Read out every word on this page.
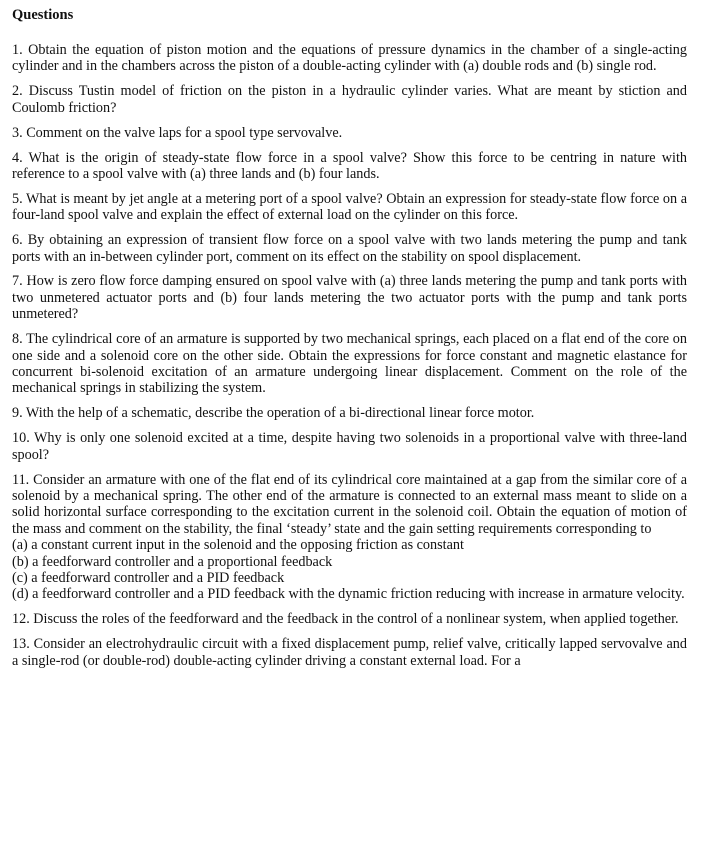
Questions
1. Obtain the equation of piston motion and the equations of pressure dynamics in the chamber of a single-acting cylinder and in the chambers across the piston of a double-acting cylinder with (a) double rods and (b) single rod.
2. Discuss Tustin model of friction on the piston in a hydraulic cylinder varies. What are meant by stiction and Coulomb friction?
3. Comment on the valve laps for a spool type servovalve.
4. What is the origin of steady-state flow force in a spool valve? Show this force to be centring in nature with reference to a spool valve with (a) three lands and (b) four lands.
5. What is meant by jet angle at a metering port of a spool valve? Obtain an expression for steady-state flow force on a four-land spool valve and explain the effect of external load on the cylinder on this force.
6. By obtaining an expression of transient flow force on a spool valve with two lands metering the pump and tank ports with an in-between cylinder port, comment on its effect on the stability on spool displacement.
7. How is zero flow force damping ensured on spool valve with (a) three lands metering the pump and tank ports with two unmetered actuator ports and (b) four lands metering the two actuator ports with the pump and tank ports unmetered?
8. The cylindrical core of an armature is supported by two mechanical springs, each placed on a flat end of the core on one side and a solenoid core on the other side. Obtain the expressions for force constant and magnetic elastance for concurrent bi-solenoid excitation of an armature undergoing linear displacement. Comment on the role of the mechanical springs in stabilizing the system.
9. With the help of a schematic, describe the operation of a bi-directional linear force motor.
10. Why is only one solenoid excited at a time, despite having two solenoids in a proportional valve with three-land spool?
11. Consider an armature with one of the flat end of its cylindrical core maintained at a gap from the similar core of a solenoid by a mechanical spring. The other end of the armature is connected to an external mass meant to slide on a solid horizontal surface corresponding to the excitation current in the solenoid coil. Obtain the equation of motion of the mass and comment on the stability, the final ‘steady’ state and the gain setting requirements corresponding to
(a) a constant current input in the solenoid and the opposing friction as constant
(b) a feedforward controller and a proportional feedback
(c) a feedforward controller and a PID feedback
(d) a feedforward controller and a PID feedback with the dynamic friction reducing with increase in armature velocity.
12. Discuss the roles of the feedforward and the feedback in the control of a nonlinear system, when applied together.
13. Consider an electrohydraulic circuit with a fixed displacement pump, relief valve, critically lapped servovalve and a single-rod (or double-rod) double-acting cylinder driving a constant external load. For a
